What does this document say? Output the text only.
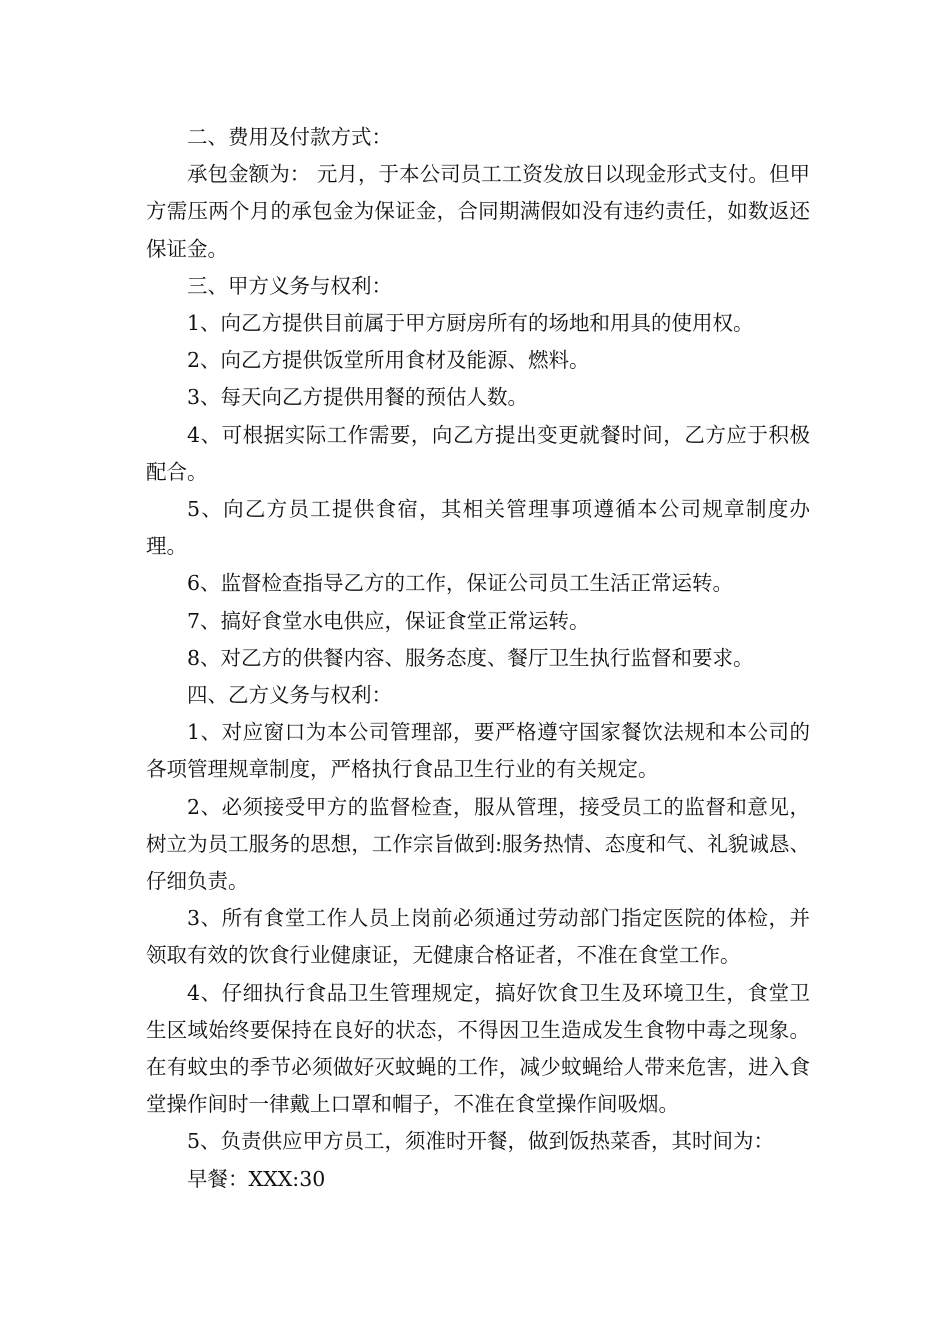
二、费用及付款方式：

承包金额为： 元月，于本公司员工工资发放日以现金形式支付。但甲方需压两个月的承包金为保证金，合同期满假如没有违约责任，如数返还保证金。

三、甲方义务与权利：

1、向乙方提供目前属于甲方厨房所有的场地和用具的使用权。

2、向乙方提供饭堂所用食材及能源、燃料。

3、每天向乙方提供用餐的预估人数。

4、可根据实际工作需要，向乙方提出变更就餐时间，乙方应于积极配合。

5、向乙方员工提供食宿，其相关管理事项遵循本公司规章制度办理。

6、监督检查指导乙方的工作，保证公司员工生活正常运转。

7、搞好食堂水电供应，保证食堂正常运转。

8、对乙方的供餐内容、服务态度、餐厅卫生执行监督和要求。

四、乙方义务与权利：

1、对应窗口为本公司管理部，要严格遵守国家餐饮法规和本公司的各项管理规章制度，严格执行食品卫生行业的有关规定。

2、必须接受甲方的监督检查，服从管理，接受员工的监督和意见，树立为员工服务的思想，工作宗旨做到:服务热情、态度和气、礼貌诚恳、仔细负责。

3、所有食堂工作人员上岗前必须通过劳动部门指定医院的体检，并领取有效的饮食行业健康证，无健康合格证者，不准在食堂工作。

4、仔细执行食品卫生管理规定，搞好饮食卫生及环境卫生，食堂卫生区域始终要保持在良好的状态，不得因卫生造成发生食物中毒之现象。在有蚊虫的季节必须做好灭蚊蝇的工作，减少蚊蝇给人带来危害，进入食堂操作间时一律戴上口罩和帽子，不准在食堂操作间吸烟。

5、负责供应甲方员工，须准时开餐，做到饭热菜香，其时间为：

早餐：XXX:30
